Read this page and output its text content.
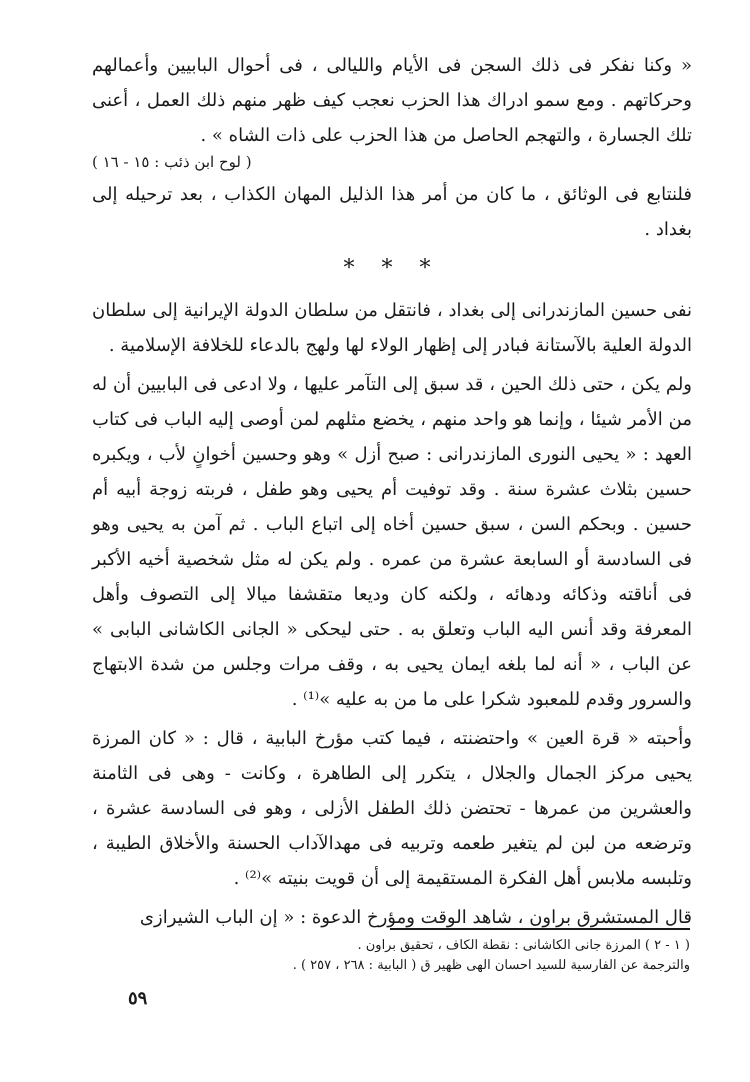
« وكنا نفكر فى ذلك السجن فى الأيام والليالى ، فى أحوال البابيين وأعمالهم وحركاتهم . ومع سمو ادراك هذا الحزب نعجب كيف ظهر منهم ذلك العمل ، أعنى تلك الجسارة ، والتهجم الحاصل من هذا الحزب على ذات الشاه » .

( لوح ابن ذئب : ١٥ - ١٦ )

فلنتابع فى الوثائق ، ما كان من أمر هذا الذليل المهان الكذاب ، بعد ترحيله إلى بغداد .

* * *

نفى حسين المازندرانى إلى بغداد ، فانتقل من سلطان الدولة الإيرانية إلى سلطان الدولة العلية بالآستانة فبادر إلى إظهار الولاء لها ولهج بالدعاء للخلافة الإسلامية .

ولم يكن ، حتى ذلك الحين ، قد سبق إلى التآمر عليها ، ولا ادعى فى البابيين أن له من الأمر شيئا ، وإنما هو واحد منهم ، يخضع مثلهم لمن أوصى إليه الباب فى كتاب العهد : « يحيى النورى المازندرانى : صبح أزل » وهو وحسين أخوانٍ لأب ، ويكبره حسين بثلاث عشرة سنة . وقد توفيت أم يحيى وهو طفل ، فربته زوجة أبيه أم حسين . وبحكم السن ، سبق حسين أخاه إلى اتباع الباب . ثم آمن به يحيى وهو فى السادسة أو السابعة عشرة من عمره . ولم يكن له مثل شخصية أخيه الأكبر فى أناقته وذكائه ودهائه ، ولكنه كان وديعا متقشفا ميالا إلى التصوف وأهل المعرفة وقد أنس اليه الباب وتعلق به . حتى ليحكى « الجانى الكاشانى البابى » عن الباب ، « أنه لما بلغه ايمان يحيى به ، وقف مرات وجلس من شدة الابتهاج والسرور وقدم للمعبود شكرا على ما من به عليه »⁽¹⁾ .

وأحبته « قرة العين » واحتضنته ، فيما كتب مؤرخ البابية ، قال : « كان المرزة يحيى مركز الجمال والجلال ، يتكرر إلى الطاهرة ، وكانت - وهى فى الثامنة والعشرين من عمرها - تحتضن ذلك الطفل الأزلى ، وهو فى السادسة عشرة ، وترضعه من لبن لم يتغير طعمه وتربيه فى مهدالآداب الحسنة والأخلاق الطيبة ، وتلبسه ملابس أهل الفكرة المستقيمة إلى أن قويت بنيته »⁽²⁾ .

قال المستشرق براون ، شاهد الوقت ومؤرخ الدعوة : « إن الباب الشيرازى

( ١ - ٢ ) المرزة جانى الكاشانى : نقطة الكاف ، تحقيق براون .
والترجمة عن الفارسية للسيد احسان الهى ظهير ق ( البابية : ٢٦٨ ، ٢٥٧ ) .
٥٩
